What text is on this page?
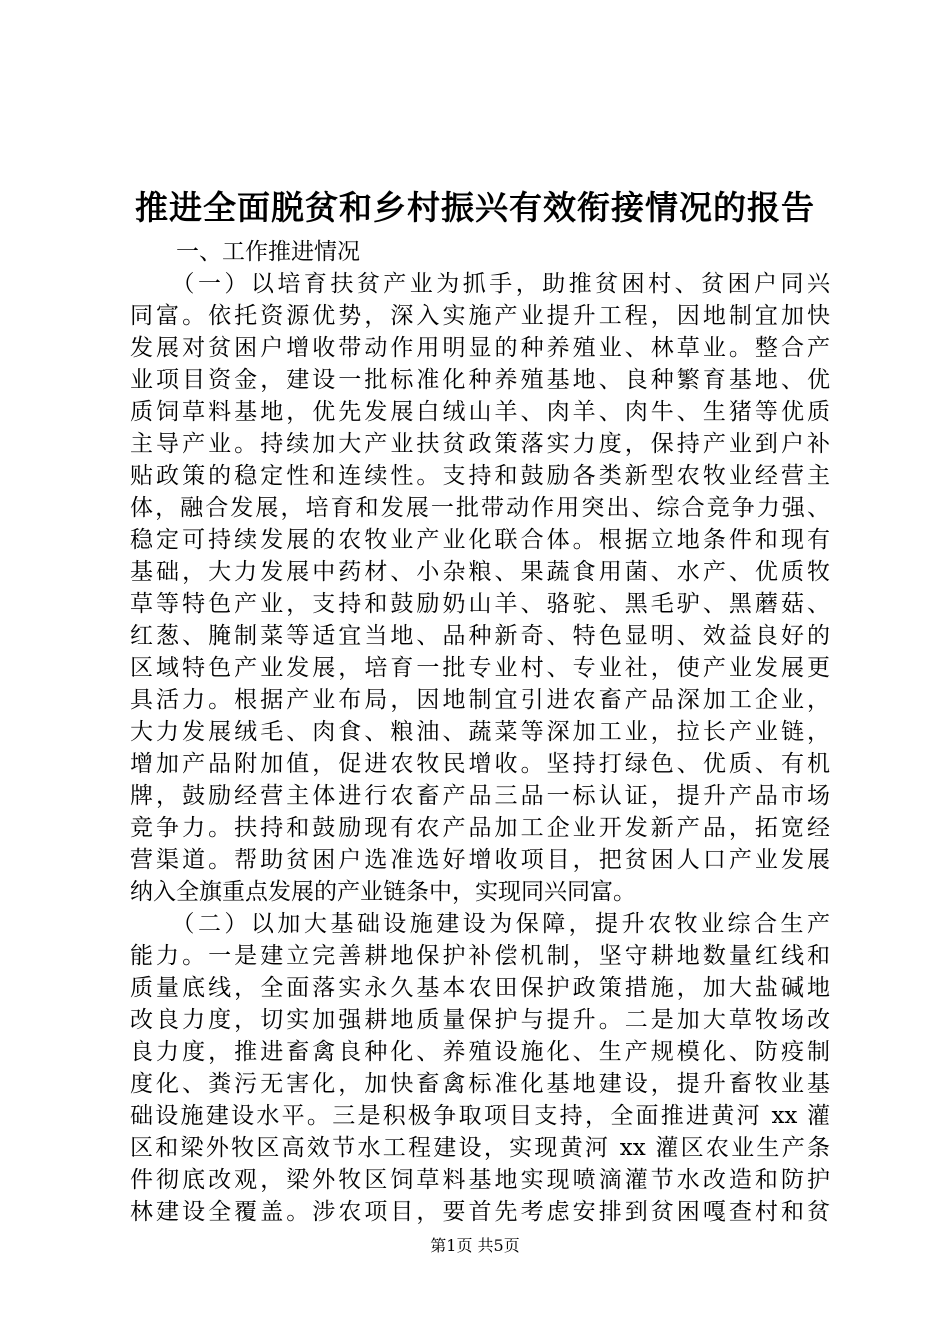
推进全面脱贫和乡村振兴有效衔接情况的报告
　　一、工作推进情况
　　（一）以培育扶贫产业为抓手，助推贫困村、贫困户同兴
同富。依托资源优势，深入实施产业提升工程，因地制宜加快
发展对贫困户增收带动作用明显的种养殖业、林草业。整合产
业项目资金，建设一批标准化种养殖基地、良种繁育基地、优
质饲草料基地，优先发展白绒山羊、肉羊、肉牛、生猪等优质
主导产业。持续加大产业扶贫政策落实力度，保持产业到户补
贴政策的稳定性和连续性。支持和鼓励各类新型农牧业经营主
体，融合发展，培育和发展一批带动作用突出、综合竞争力强、
稳定可持续发展的农牧业产业化联合体。根据立地条件和现有
基础，大力发展中药材、小杂粮、果蔬食用菌、水产、优质牧
草等特色产业，支持和鼓励奶山羊、骆驼、黑毛驴、黑蘑菇、
红葱、腌制菜等适宜当地、品种新奇、特色显明、效益良好的
区域特色产业发展，培育一批专业村、专业社，使产业发展更
具活力。根据产业布局，因地制宜引进农畜产品深加工企业，
大力发展绒毛、肉食、粮油、蔬菜等深加工业，拉长产业链，
增加产品附加值，促进农牧民增收。坚持打绿色、优质、有机
牌，鼓励经营主体进行农畜产品三品一标认证，提升产品市场
竞争力。扶持和鼓励现有农产品加工企业开发新产品，拓宽经
营渠道。帮助贫困户选准选好增收项目，把贫困人口产业发展
纳入全旗重点发展的产业链条中，实现同兴同富。
　　（二）以加大基础设施建设为保障，提升农牧业综合生产
能力。一是建立完善耕地保护补偿机制，坚守耕地数量红线和
质量底线，全面落实永久基本农田保护政策措施，加大盐碱地
改良力度，切实加强耕地质量保护与提升。二是加大草牧场改
良力度，推进畜禽良种化、养殖设施化、生产规模化、防疫制
度化、粪污无害化，加快畜禽标准化基地建设，提升畜牧业基
础设施建设水平。三是积极争取项目支持，全面推进黄河 xx 灌
区和梁外牧区高效节水工程建设，实现黄河 xx 灌区农业生产条
件彻底改观，梁外牧区饲草料基地实现喷滴灌节水改造和防护
林建设全覆盖。涉农项目，要首先考虑安排到贫困嘎查村和贫
第1页 共5页
